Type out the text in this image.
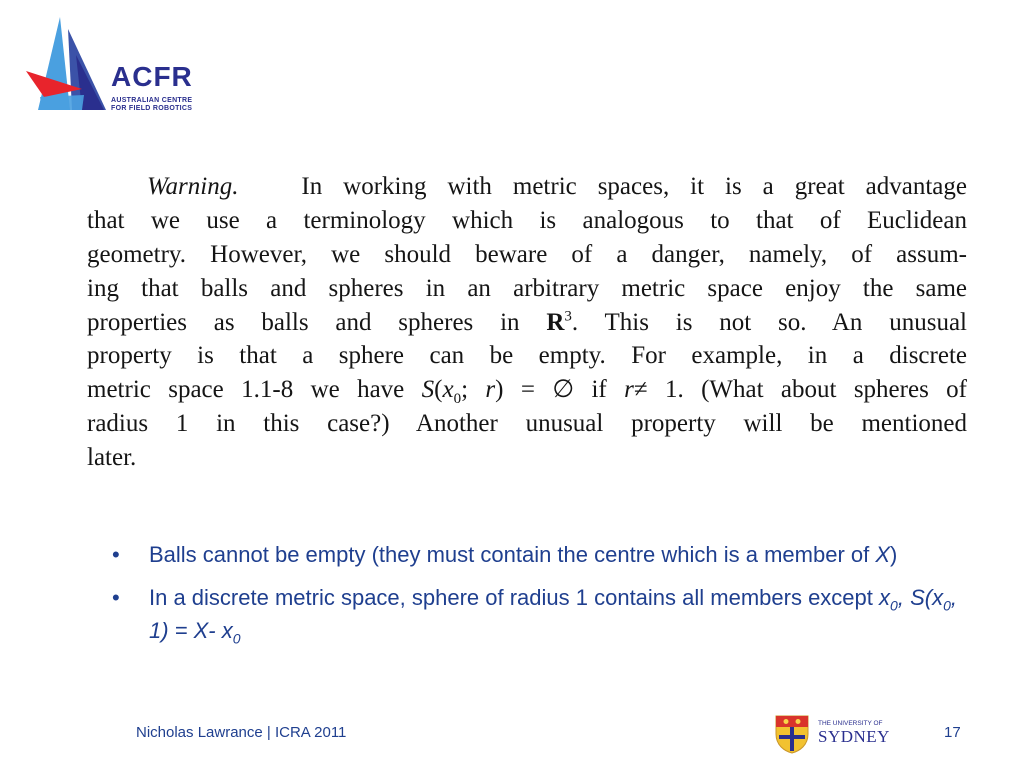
ACFR
AUSTRALIAN CENTRE
FOR FIELD ROBOTICS
Warning.	In working with metric spaces, it is a great advantage
that we use a terminology which is analogous to that of Euclidean
geometry. However, we should beware of a danger, namely, of assum-
ing that balls and spheres in an arbitrary metric space enjoy the same
properties as balls and spheres in $R^3$. This is not so. An unusual
property is that a sphere can be empty. For example, in a discrete
metric space 1.1-8 we have $S(x_0$; r) = ∅ if r≠ 1. (What about spheres of
radius 1 in this case?) Another unusual property will be mentioned
later.
• Balls cannot be empty (they must contain the centre which is a member of X)
• In a discrete metric space, sphere of radius 1 contains all members except $x_0$, $S(x_0$, 1) = X- $x_0$
Nicholas Lawrance | ICRA 2011
THE UNIVERSITY OF
SYDNEY	17
